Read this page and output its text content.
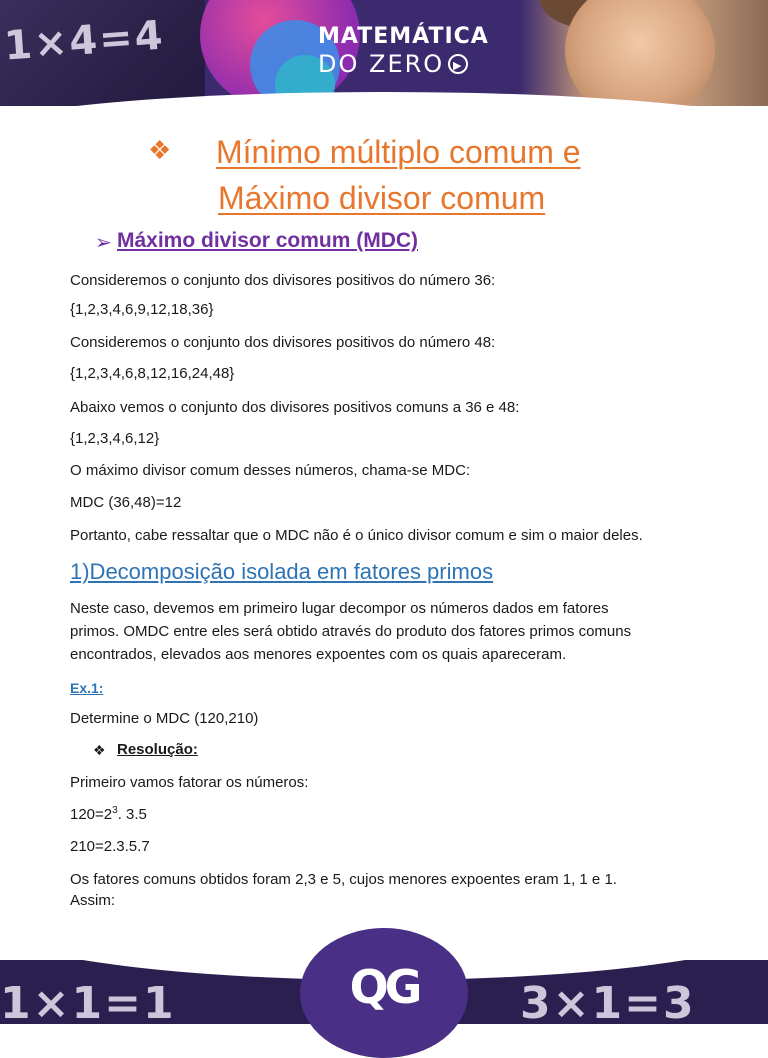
1×4=4	MATEMÁTICA
DO ZERO ▶
❖ Mínimo múltiplo comum e
Máximo divisor comum
➢ Máximo divisor comum (MDC)
Consideremos o conjunto dos divisores positivos do número 36:
{1,2,3,4,6,9,12,18,36}
Consideremos o conjunto dos divisores positivos do número 48:
{1,2,3,4,6,8,12,16,24,48}
Abaixo vemos o conjunto dos divisores positivos comuns a 36 e 48:
{1,2,3,4,6,12}
O máximo divisor comum desses números, chama-se MDC:
MDC (36,48)=12
Portanto, cabe ressaltar que o MDC não é o único divisor comum e sim o maior deles.
1)Decomposição isolada em fatores primos
Neste caso, devemos em primeiro lugar decompor os números dados em fatores
primos. OMDC entre eles será obtido através do produto dos fatores primos comuns
encontrados, elevados aos menores expoentes com os quais apareceram.
Ex.1:
Determine o MDC (120,210)
❖ Resolução:
Primeiro vamos fatorar os números:
$120=2^3$. 3.5
210=2.3.5.7
Os fatores comuns obtidos foram 2,3 e 5, cujos menores expoentes eram 1, 1 e 1.
Assim:
1×1=1	3×1=3
QG
